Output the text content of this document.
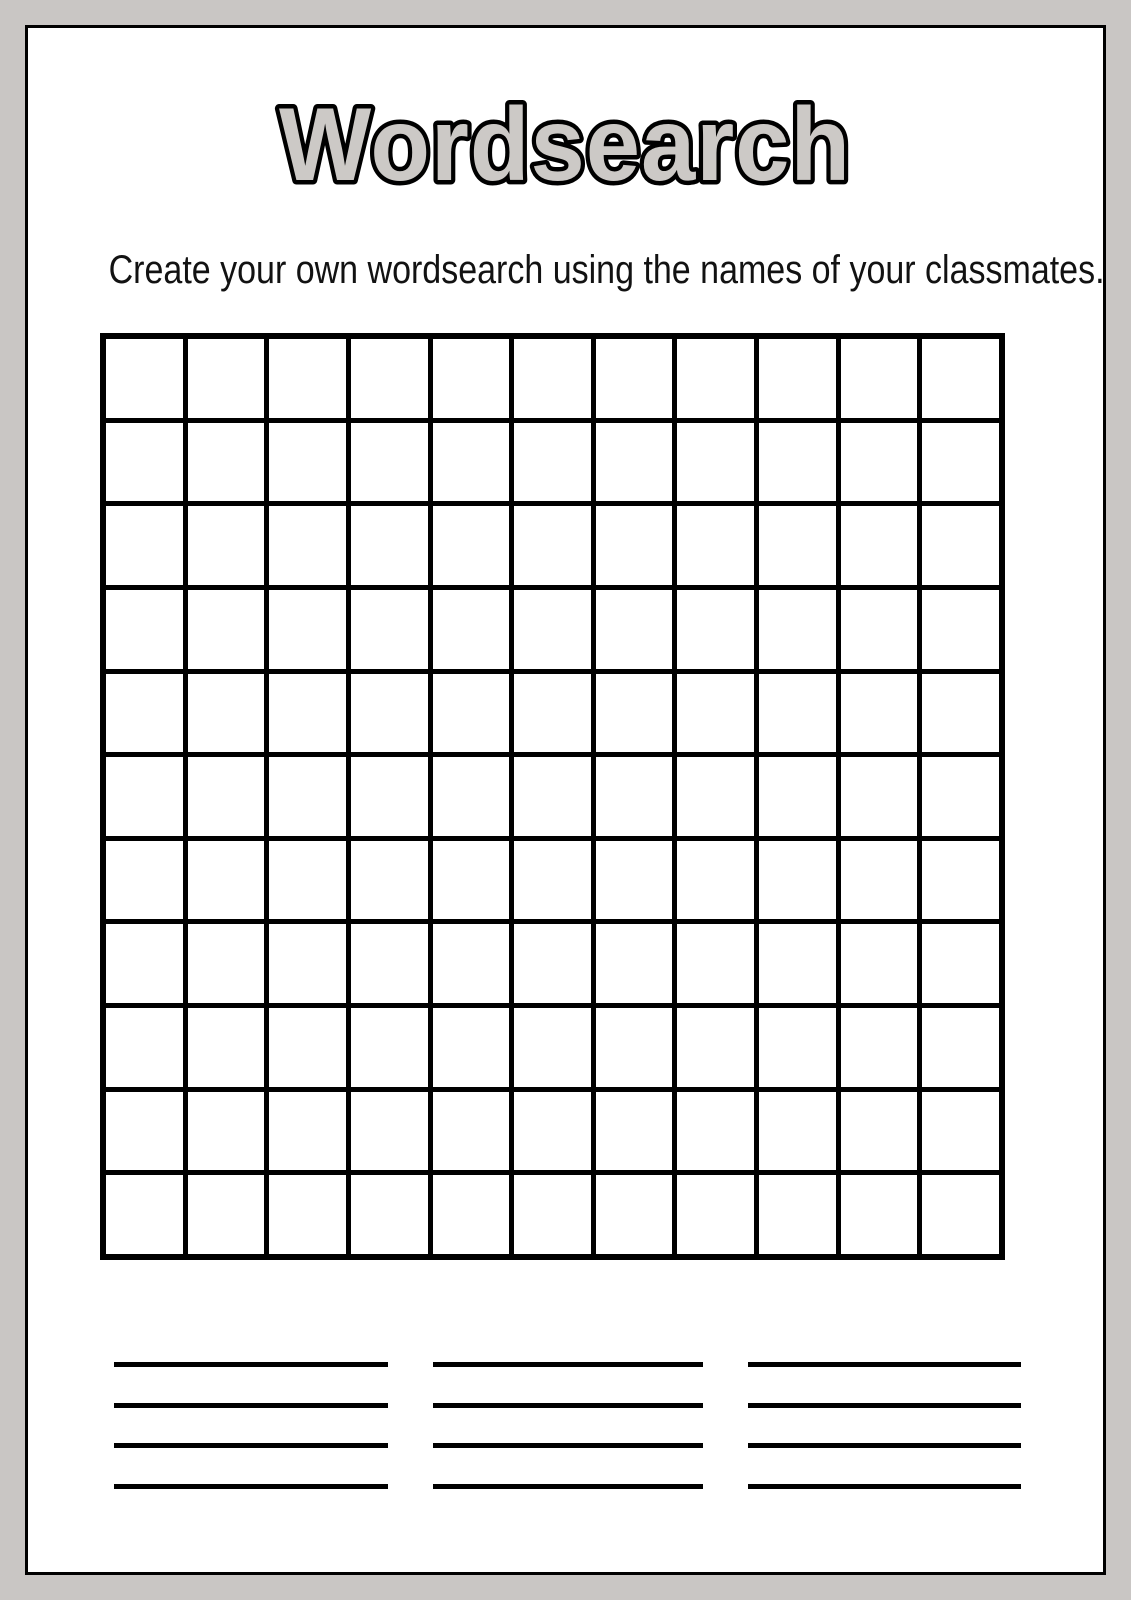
Wordsearch
Create your own wordsearch using the names of your classmates.
